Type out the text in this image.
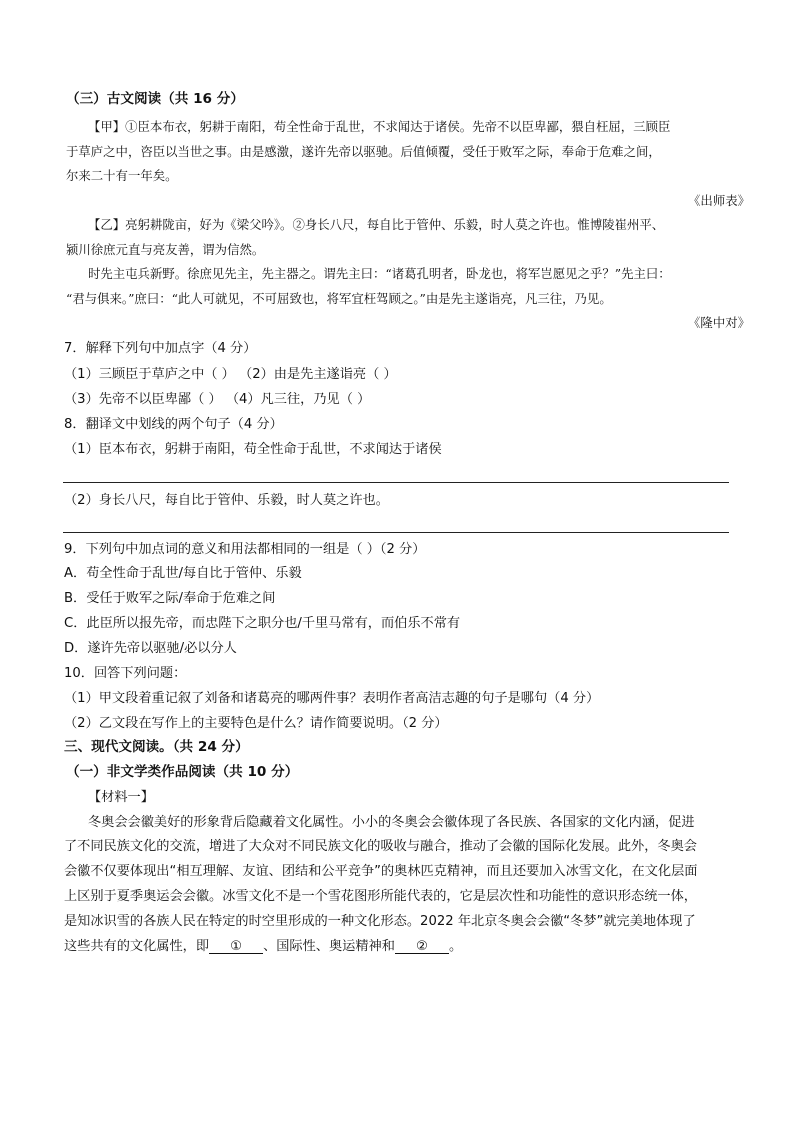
（三）古文阅读（共 16 分）
【甲】①臣本布衣，躬耕于南阳，苟全性命于乱世，不求闻达于诸侯。先帝不以臣卑鄙，猥自枉屈，三顾臣
于草庐之中，咨臣以当世之事。由是感激，遂许先帝以驱驰。后值倾覆，受任于败军之际，奉命于危难之间，
尔来二十有一年矣。
《出师表》
【乙】亮躬耕陇亩，好为《梁父吟》。②身长八尺，每自比于管仲、乐毅，时人莫之许也。惟博陵崔州平、
颍川徐庶元直与亮友善，谓为信然。
时先主屯兵新野。徐庶见先主，先主器之。谓先主曰：“诸葛孔明者，卧龙也，将军岂愿见之乎？”先主曰：
“君与俱来。”庶曰：“此人可就见，不可屈致也，将军宜枉驾顾之。”由是先主遂诣亮，凡三往，乃见。
《隆中对》
7．解释下列句中加点字（4 分）
（1）三顾臣于草庐之中（ ） （2）由是先主遂诣亮（ ）
（3）先帝不以臣卑鄙（ ） （4）凡三往，乃见（ ）
8．翻译文中划线的两个句子（4 分）
（1）臣本布衣，躬耕于南阳，苟全性命于乱世，不求闻达于诸侯
（2）身长八尺，每自比于管仲、乐毅，时人莫之许也。
9．下列句中加点词的意义和用法都相同的一组是（ ）（2 分）
A．苟全性命于乱世/每自比于管仲、乐毅
B．受任于败军之际/奉命于危难之间
C．此臣所以报先帝，而忠陛下之职分也/千里马常有，而伯乐不常有
D．遂许先帝以驱驰/必以分人
10．回答下列问题：
（1）甲文段着重记叙了刘备和诸葛亮的哪两件事？表明作者高洁志趣的句子是哪句（4 分）
（2）乙文段在写作上的主要特色是什么？请作简要说明。（2 分）
三、现代文阅读。（共 24 分）
（一）非文学类作品阅读（共 10 分）
【材料一】
冬奥会会徽美好的形象背后隐藏着文化属性。小小的冬奥会会徽体现了各民族、各国家的文化内涵，促进
了不同民族文化的交流，增进了大众对不同民族文化的吸收与融合，推动了会徽的国际化发展。此外，冬奥会
会徽不仅要体现出“相互理解、友谊、团结和公平竞争”的奥林匹克精神，而且还要加入冰雪文化，在文化层面
上区别于夏季奥运会会徽。冰雪文化不是一个雪花图形所能代表的，它是层次性和功能性的意识形态统一体，
是知冰识雪的各族人民在特定的时空里形成的一种文化形态。2022 年北京冬奥会会徽“冬梦”就完美地体现了
这些共有的文化属性，即 ① 、国际性、奥运精神和 ② 。
